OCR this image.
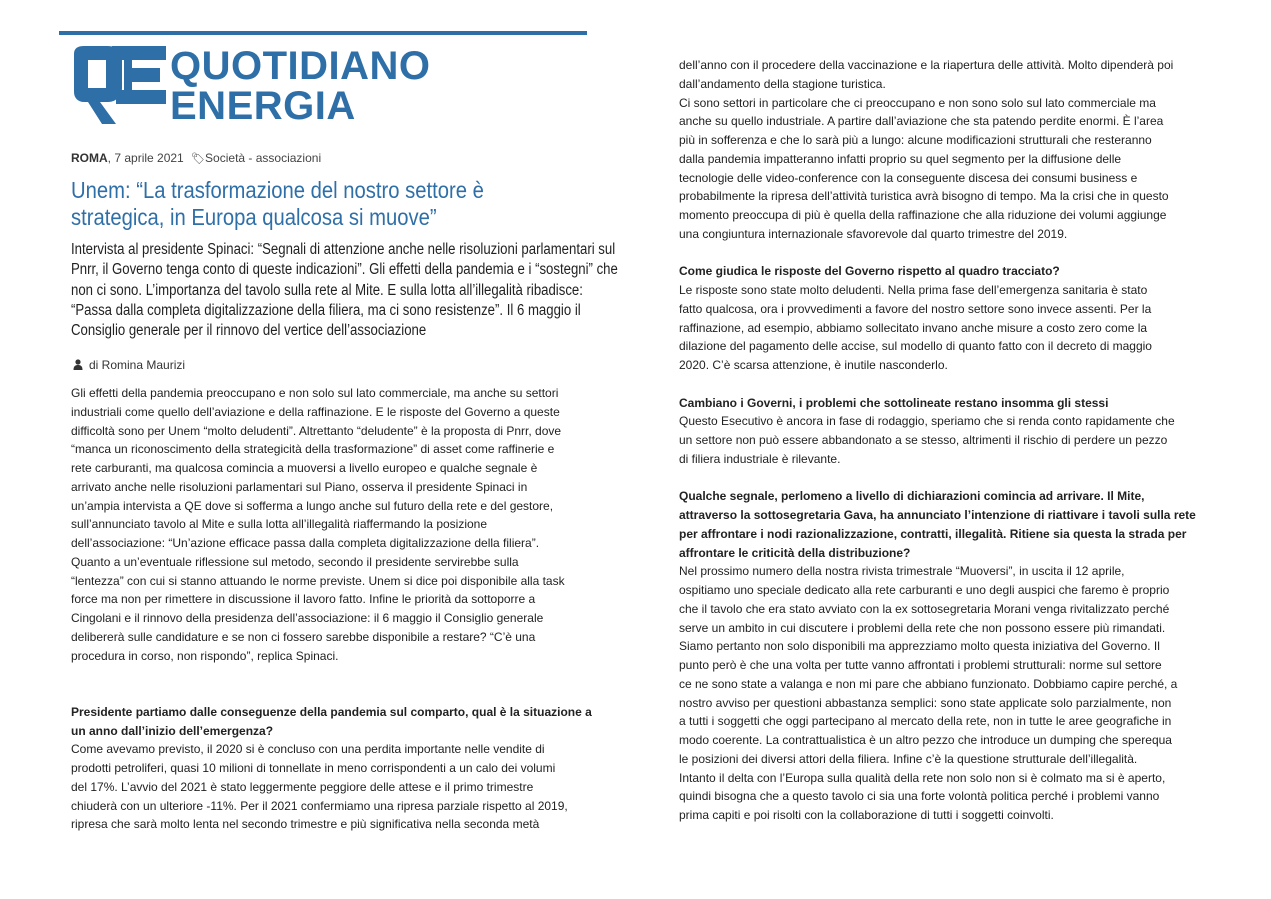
QUOTIDIANO
ENERGIA
ROMA, 7 aprile 2021 🏷︎Società - associazioni
Unem: “La trasformazione del nostro settore è
strategica, in Europa qualcosa si muove”
Intervista al presidente Spinaci: “Segnali di attenzione anche nelle risoluzioni parlamentari sul
Pnrr, il Governo tenga conto di queste indicazioni”. Gli effetti della pandemia e i “sostegni” che
non ci sono. L’importanza del tavolo sulla rete al Mite. E sulla lotta all’illegalità ribadisce:
“Passa dalla completa digitalizzazione della filiera, ma ci sono resistenze”. Il 6 maggio il
Consiglio generale per il rinnovo del vertice dell’associazione
di Romina Maurizi
Gli effetti della pandemia preoccupano e non solo sul lato commerciale, ma anche su settori
industriali come quello dell’aviazione e della raffinazione. E le risposte del Governo a queste
difficoltà sono per Unem “molto deludenti”. Altrettanto “deludente” è la proposta di Pnrr, dove
“manca un riconoscimento della strategicità della trasformazione” di asset come raffinerie e
rete carburanti, ma qualcosa comincia a muoversi a livello europeo e qualche segnale è
arrivato anche nelle risoluzioni parlamentari sul Piano, osserva il presidente Spinaci in
un’ampia intervista a QE dove si sofferma a lungo anche sul futuro della rete e del gestore,
sull’annunciato tavolo al Mite e sulla lotta all’illegalità riaffermando la posizione
dell’associazione: “Un’azione efficace passa dalla completa digitalizzazione della filiera”.
Quanto a un’eventuale riflessione sul metodo, secondo il presidente servirebbe sulla
“lentezza” con cui si stanno attuando le norme previste. Unem si dice poi disponibile alla task
force ma non per rimettere in discussione il lavoro fatto. Infine le priorità da sottoporre a
Cingolani e il rinnovo della presidenza dell’associazione: il 6 maggio il Consiglio generale
delibererà sulle candidature e se non ci fossero sarebbe disponibile a restare? “C’è una
procedura in corso, non rispondo”, replica Spinaci.
Presidente partiamo dalle conseguenze della pandemia sul comparto, qual è la situazione a
un anno dall’inizio dell’emergenza?
Come avevamo previsto, il 2020 si è concluso con una perdita importante nelle vendite di
prodotti petroliferi, quasi 10 milioni di tonnellate in meno corrispondenti a un calo dei volumi
del 17%. L’avvio del 2021 è stato leggermente peggiore delle attese e il primo trimestre
chiuderà con un ulteriore -11%. Per il 2021 confermiamo una ripresa parziale rispetto al 2019,
ripresa che sarà molto lenta nel secondo trimestre e più significativa nella seconda metà
dell’anno con il procedere della vaccinazione e la riapertura delle attività. Molto dipenderà poi
dall’andamento della stagione turistica.
Ci sono settori in particolare che ci preoccupano e non sono solo sul lato commerciale ma
anche su quello industriale. A partire dall’aviazione che sta patendo perdite enormi. È l’area
più in sofferenza e che lo sarà più a lungo: alcune modificazioni strutturali che resteranno
dalla pandemia impatteranno infatti proprio su quel segmento per la diffusione delle
tecnologie delle video-conference con la conseguente discesa dei consumi business e
probabilmente la ripresa dell’attività turistica avrà bisogno di tempo. Ma la crisi che in questo
momento preoccupa di più è quella della raffinazione che alla riduzione dei volumi aggiunge
una congiuntura internazionale sfavorevole dal quarto trimestre del 2019.
Come giudica le risposte del Governo rispetto al quadro tracciato?
Le risposte sono state molto deludenti. Nella prima fase dell’emergenza sanitaria è stato
fatto qualcosa, ora i provvedimenti a favore del nostro settore sono invece assenti. Per la
raffinazione, ad esempio, abbiamo sollecitato invano anche misure a costo zero come la
dilazione del pagamento delle accise, sul modello di quanto fatto con il decreto di maggio
2020. C’è scarsa attenzione, è inutile nasconderlo.
Cambiano i Governi, i problemi che sottolineate restano insomma gli stessi
Questo Esecutivo è ancora in fase di rodaggio, speriamo che si renda conto rapidamente che
un settore non può essere abbandonato a se stesso, altrimenti il rischio di perdere un pezzo
di filiera industriale è rilevante.
Qualche segnale, perlomeno a livello di dichiarazioni comincia ad arrivare. Il Mite,
attraverso la sottosegretaria Gava, ha annunciato l’intenzione di riattivare i tavoli sulla rete
per affrontare i nodi razionalizzazione, contratti, illegalità. Ritiene sia questa la strada per
affrontare le criticità della distribuzione?
Nel prossimo numero della nostra rivista trimestrale “Muoversi”, in uscita il 12 aprile,
ospitiamo uno speciale dedicato alla rete carburanti e uno degli auspici che faremo è proprio
che il tavolo che era stato avviato con la ex sottosegretaria Morani venga rivitalizzato perché
serve un ambito in cui discutere i problemi della rete che non possono essere più rimandati.
Siamo pertanto non solo disponibili ma apprezziamo molto questa iniziativa del Governo. Il
punto però è che una volta per tutte vanno affrontati i problemi strutturali: norme sul settore
ce ne sono state a valanga e non mi pare che abbiano funzionato. Dobbiamo capire perché, a
nostro avviso per questioni abbastanza semplici: sono state applicate solo parzialmente, non
a tutti i soggetti che oggi partecipano al mercato della rete, non in tutte le aree geografiche in
modo coerente. La contrattualistica è un altro pezzo che introduce un dumping che sperequa
le posizioni dei diversi attori della filiera. Infine c’è la questione strutturale dell’illegalità.
Intanto il delta con l’Europa sulla qualità della rete non solo non si è colmato ma si è aperto,
quindi bisogna che a questo tavolo ci sia una forte volontà politica perché i problemi vanno
prima capiti e poi risolti con la collaborazione di tutti i soggetti coinvolti.
